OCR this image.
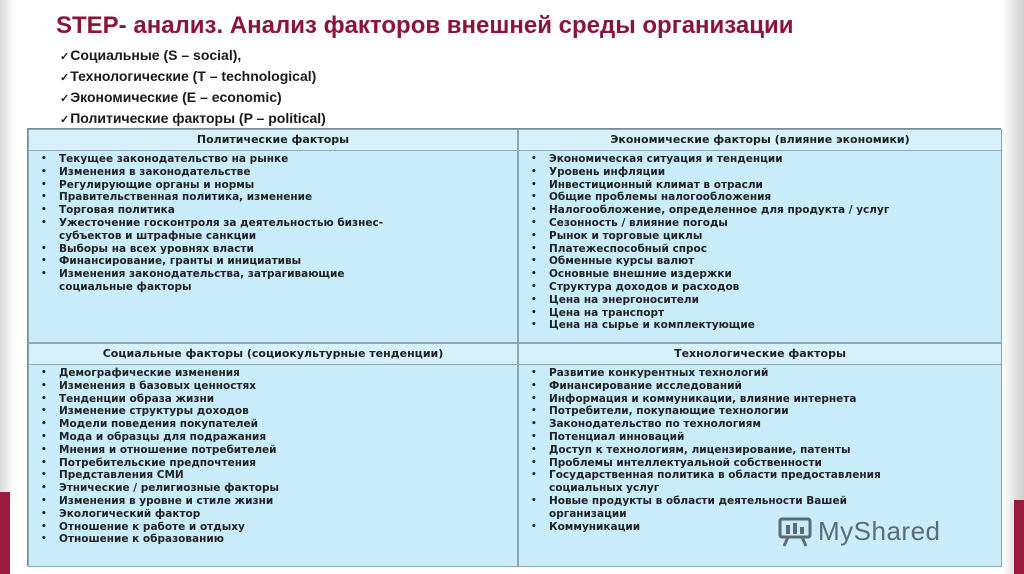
STEP- анализ. Анализ факторов внешней среды организации
✓ Социальные (S – social),
✓ Технологические (T – technological)
✓ Экономические (E – economic)
✓ Политические факторы (P – political)
Политические факторы
• Текущее законодательство на рынке
• Изменения в законодательстве
• Регулирующие органы и нормы
• Правительственная политика, изменение
• Торговая политика
• Ужесточение госконтроля за деятельностью бизнес-
субъектов и штрафные санкции
• Выборы на всех уровнях власти
• Финансирование, гранты и инициативы
• Изменения законодательства, затрагивающие
социальные факторы
Экономические факторы (влияние экономики)
• Экономическая ситуация и тенденции
• Уровень инфляции
• Инвестиционный климат в отрасли
• Общие проблемы налогообложения
• Налогообложение, определенное для продукта / услуг
• Сезонность / влияние погоды
• Рынок и торговые циклы
• Платежеспособный спрос
• Обменные курсы валют
• Основные внешние издержки
• Структура доходов и расходов
• Цена на энергоносители
• Цена на транспорт
• Цена на сырье и комплектующие
Социальные факторы (социокультурные тенденции)
• Демографические изменения
• Изменения в базовых ценностях
• Тенденции образа жизни
• Изменение структуры доходов
• Модели поведения покупателей
• Мода и образцы для подражания
• Мнения и отношение потребителей
• Потребительские предпочтения
• Представления СМИ
• Этнические / религиозные факторы
• Изменения в уровне и стиле жизни
• Экологический фактор
• Отношение к работе и отдыху
• Отношение к образованию
Технологические факторы
• Развитие конкурентных технологий
• Финансирование исследований
• Информация и коммуникации, влияние интернета
• Потребители, покупающие технологии
• Законодательство по технологиям
• Потенциал инноваций
• Доступ к технологиям, лицензирование, патенты
• Проблемы интеллектуальной собственности
• Государственная политика в области предоставления
социальных услуг
• Новые продукты в области деятельности Вашей
организации
• Коммуникации	MyShared
